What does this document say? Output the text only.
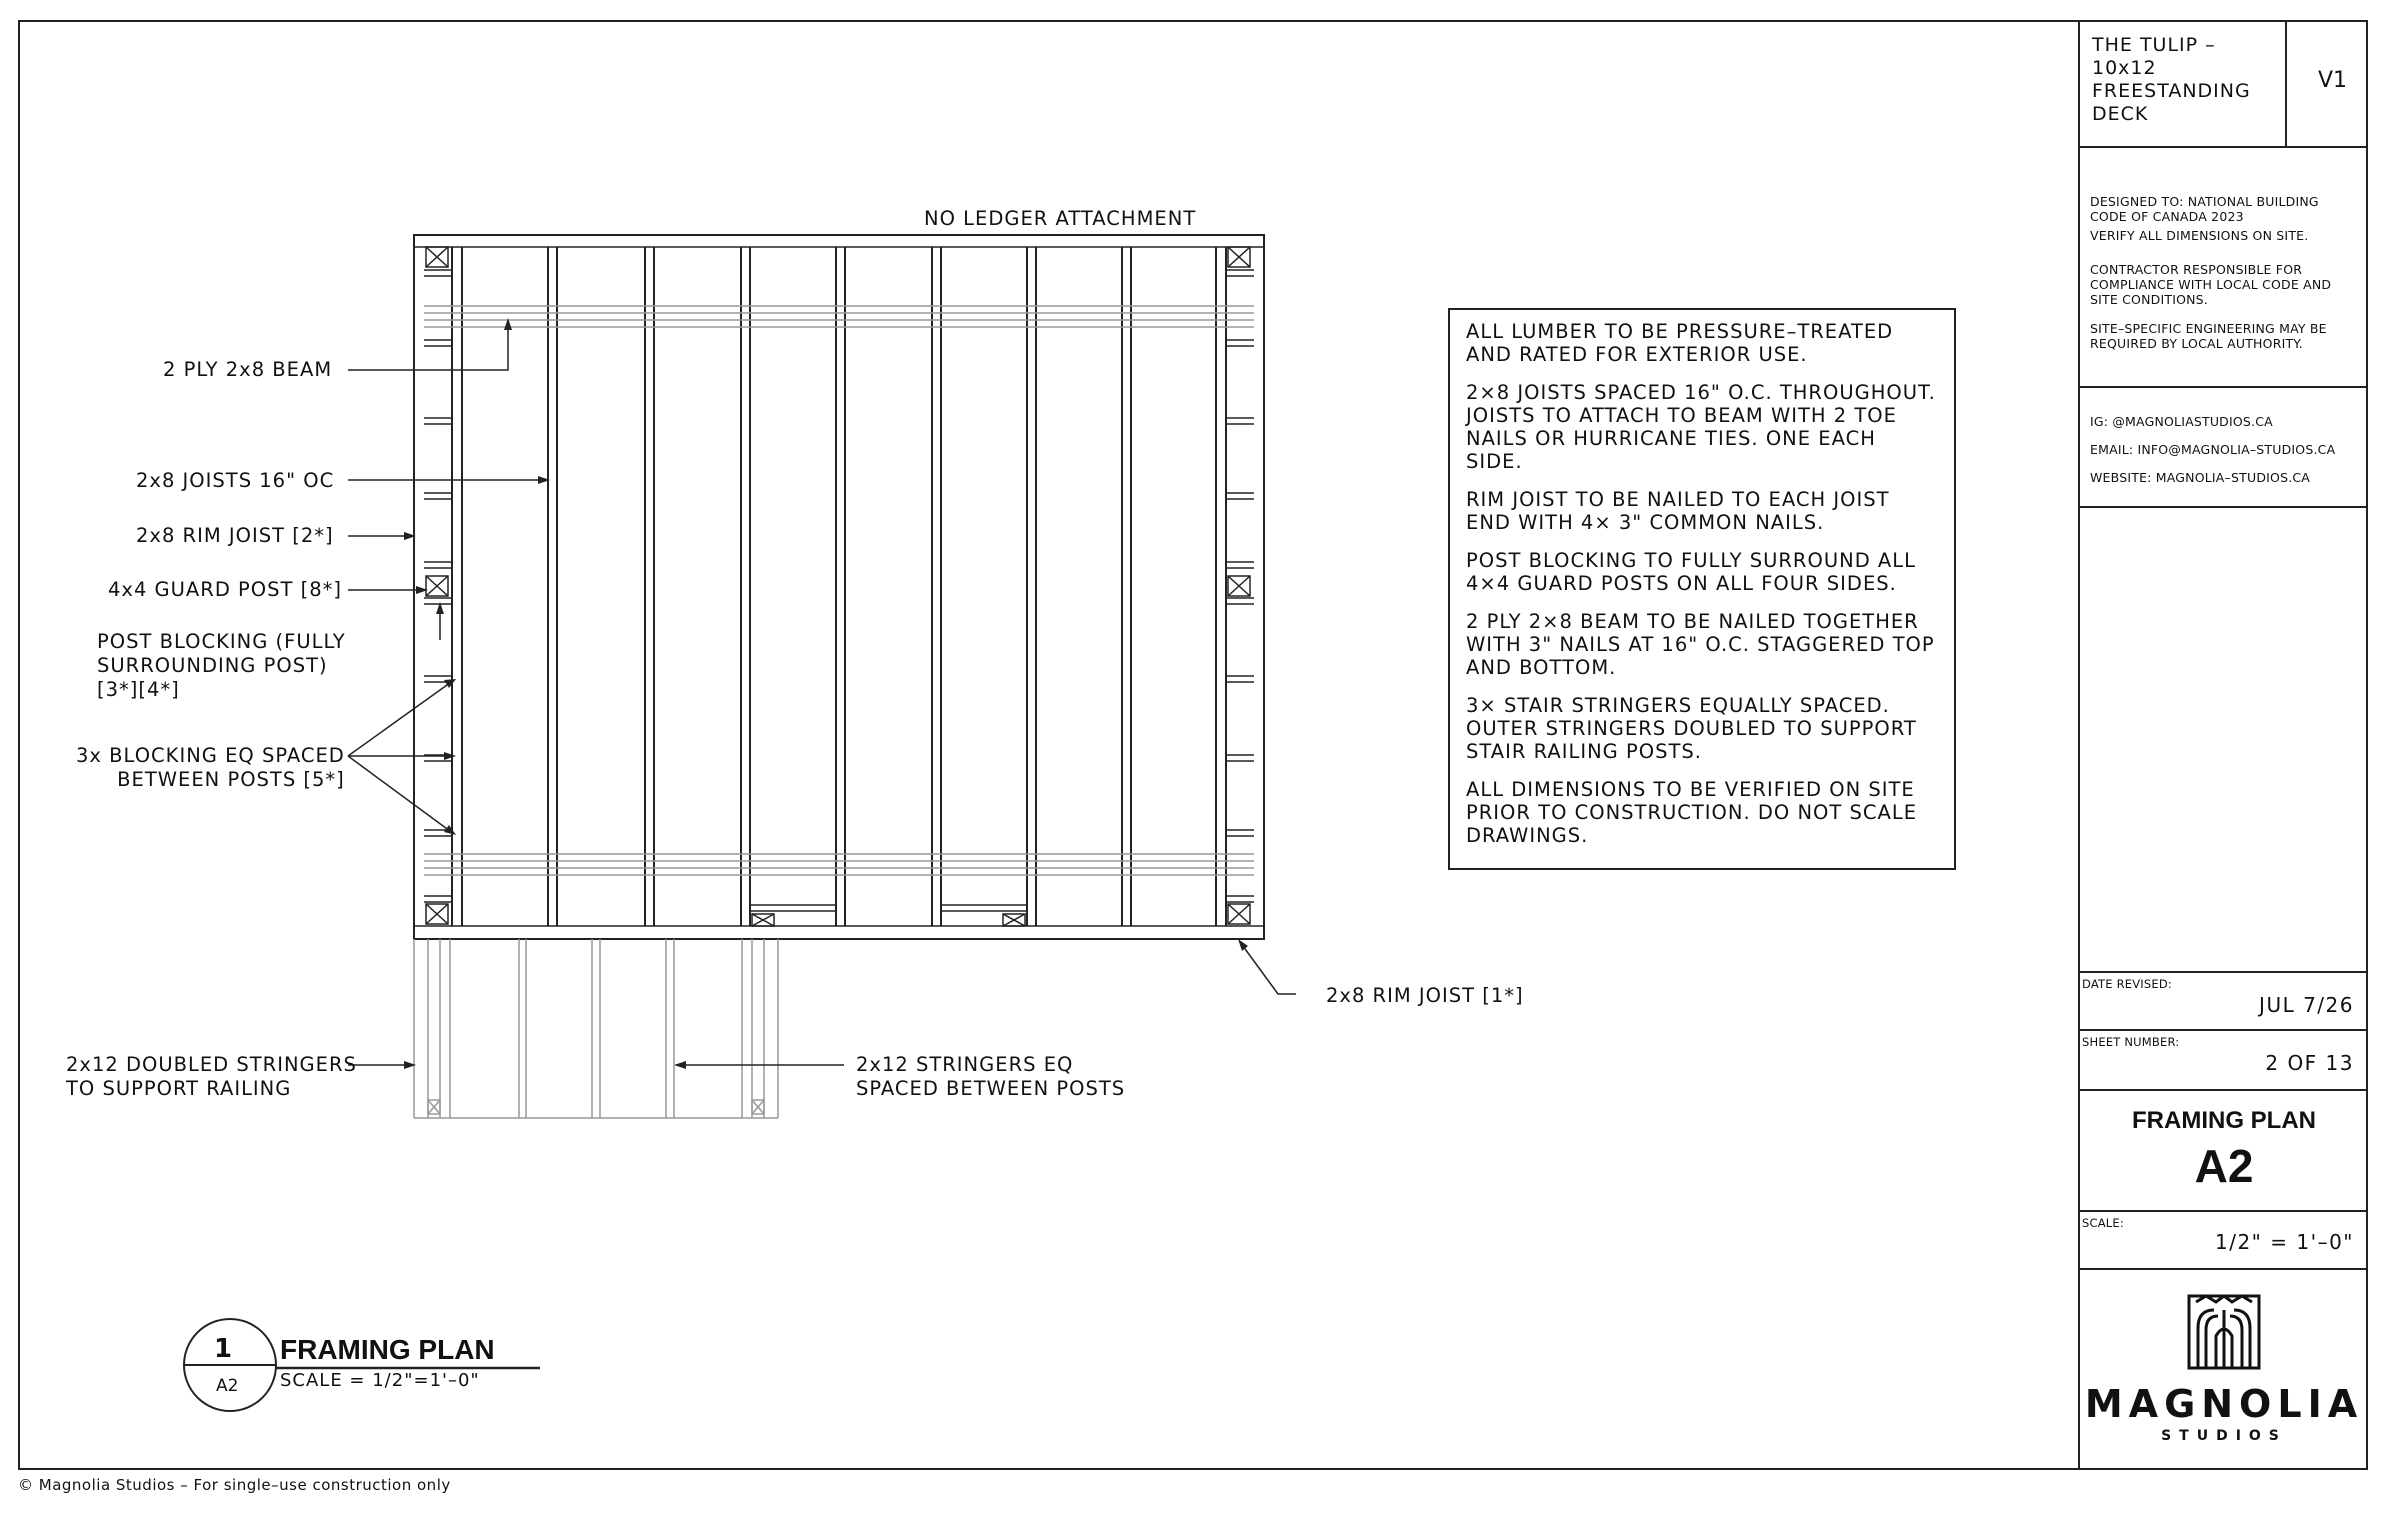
NO LEDGER ATTACHMENT
2 PLY 2x8 BEAM
2x8 JOISTS 16" OC
2x8 RIM JOIST [2*]
4x4 GUARD POST [8*]
POST BLOCKING (FULLY
SURROUNDING POST)
[3*][4*]
3x BLOCKING EQ SPACED
BETWEEN POSTS [5*]
2x8 RIM JOIST [1*]
2x12 DOUBLED STRINGERS
TO SUPPORT RAILING
2x12 STRINGERS EQ
SPACED BETWEEN POSTS
1
A2
FRAMING PLAN
SCALE = 1/2"=1'–0"

ALL LUMBER TO BE PRESSURE–TREATED AND RATED FOR EXTERIOR USE.

2×8 JOISTS SPACED 16" O.C. THROUGHOUT. JOISTS TO ATTACH TO BEAM WITH 2 TOE NAILS OR HURRICANE TIES. ONE EACH SIDE.

RIM JOIST TO BE NAILED TO EACH JOIST END WITH 4× 3" COMMON NAILS.

POST BLOCKING TO FULLY SURROUND ALL 4×4 GUARD POSTS ON ALL FOUR SIDES.

2 PLY 2×8 BEAM TO BE NAILED TOGETHER WITH 3" NAILS AT 16" O.C. STAGGERED TOP AND BOTTOM.

3× STAIR STRINGERS EQUALLY SPACED. OUTER STRINGERS DOUBLED TO SUPPORT STAIR RAILING POSTS.

ALL DIMENSIONS TO BE VERIFIED ON SITE PRIOR TO CONSTRUCTION. DO NOT SCALE DRAWINGS.

THE TULIP –
10x12
FREESTANDING
DECK
V1
DESIGNED TO: NATIONAL BUILDING CODE OF CANADA 2023
VERIFY ALL DIMENSIONS ON SITE.
CONTRACTOR RESPONSIBLE FOR COMPLIANCE WITH LOCAL CODE AND SITE CONDITIONS.
SITE–SPECIFIC ENGINEERING MAY BE REQUIRED BY LOCAL AUTHORITY.
IG: @MAGNOLIASTUDIOS.CA
EMAIL: INFO@MAGNOLIA–STUDIOS.CA
WEBSITE: MAGNOLIA–STUDIOS.CA
DATE REVISED:
JUL 7/26
SHEET NUMBER:
2 OF 13
FRAMING PLAN
A2
SCALE:
1/2" = 1'–0"
MAGNOLIA
STUDIOS
© Magnolia Studios – For single–use construction only
